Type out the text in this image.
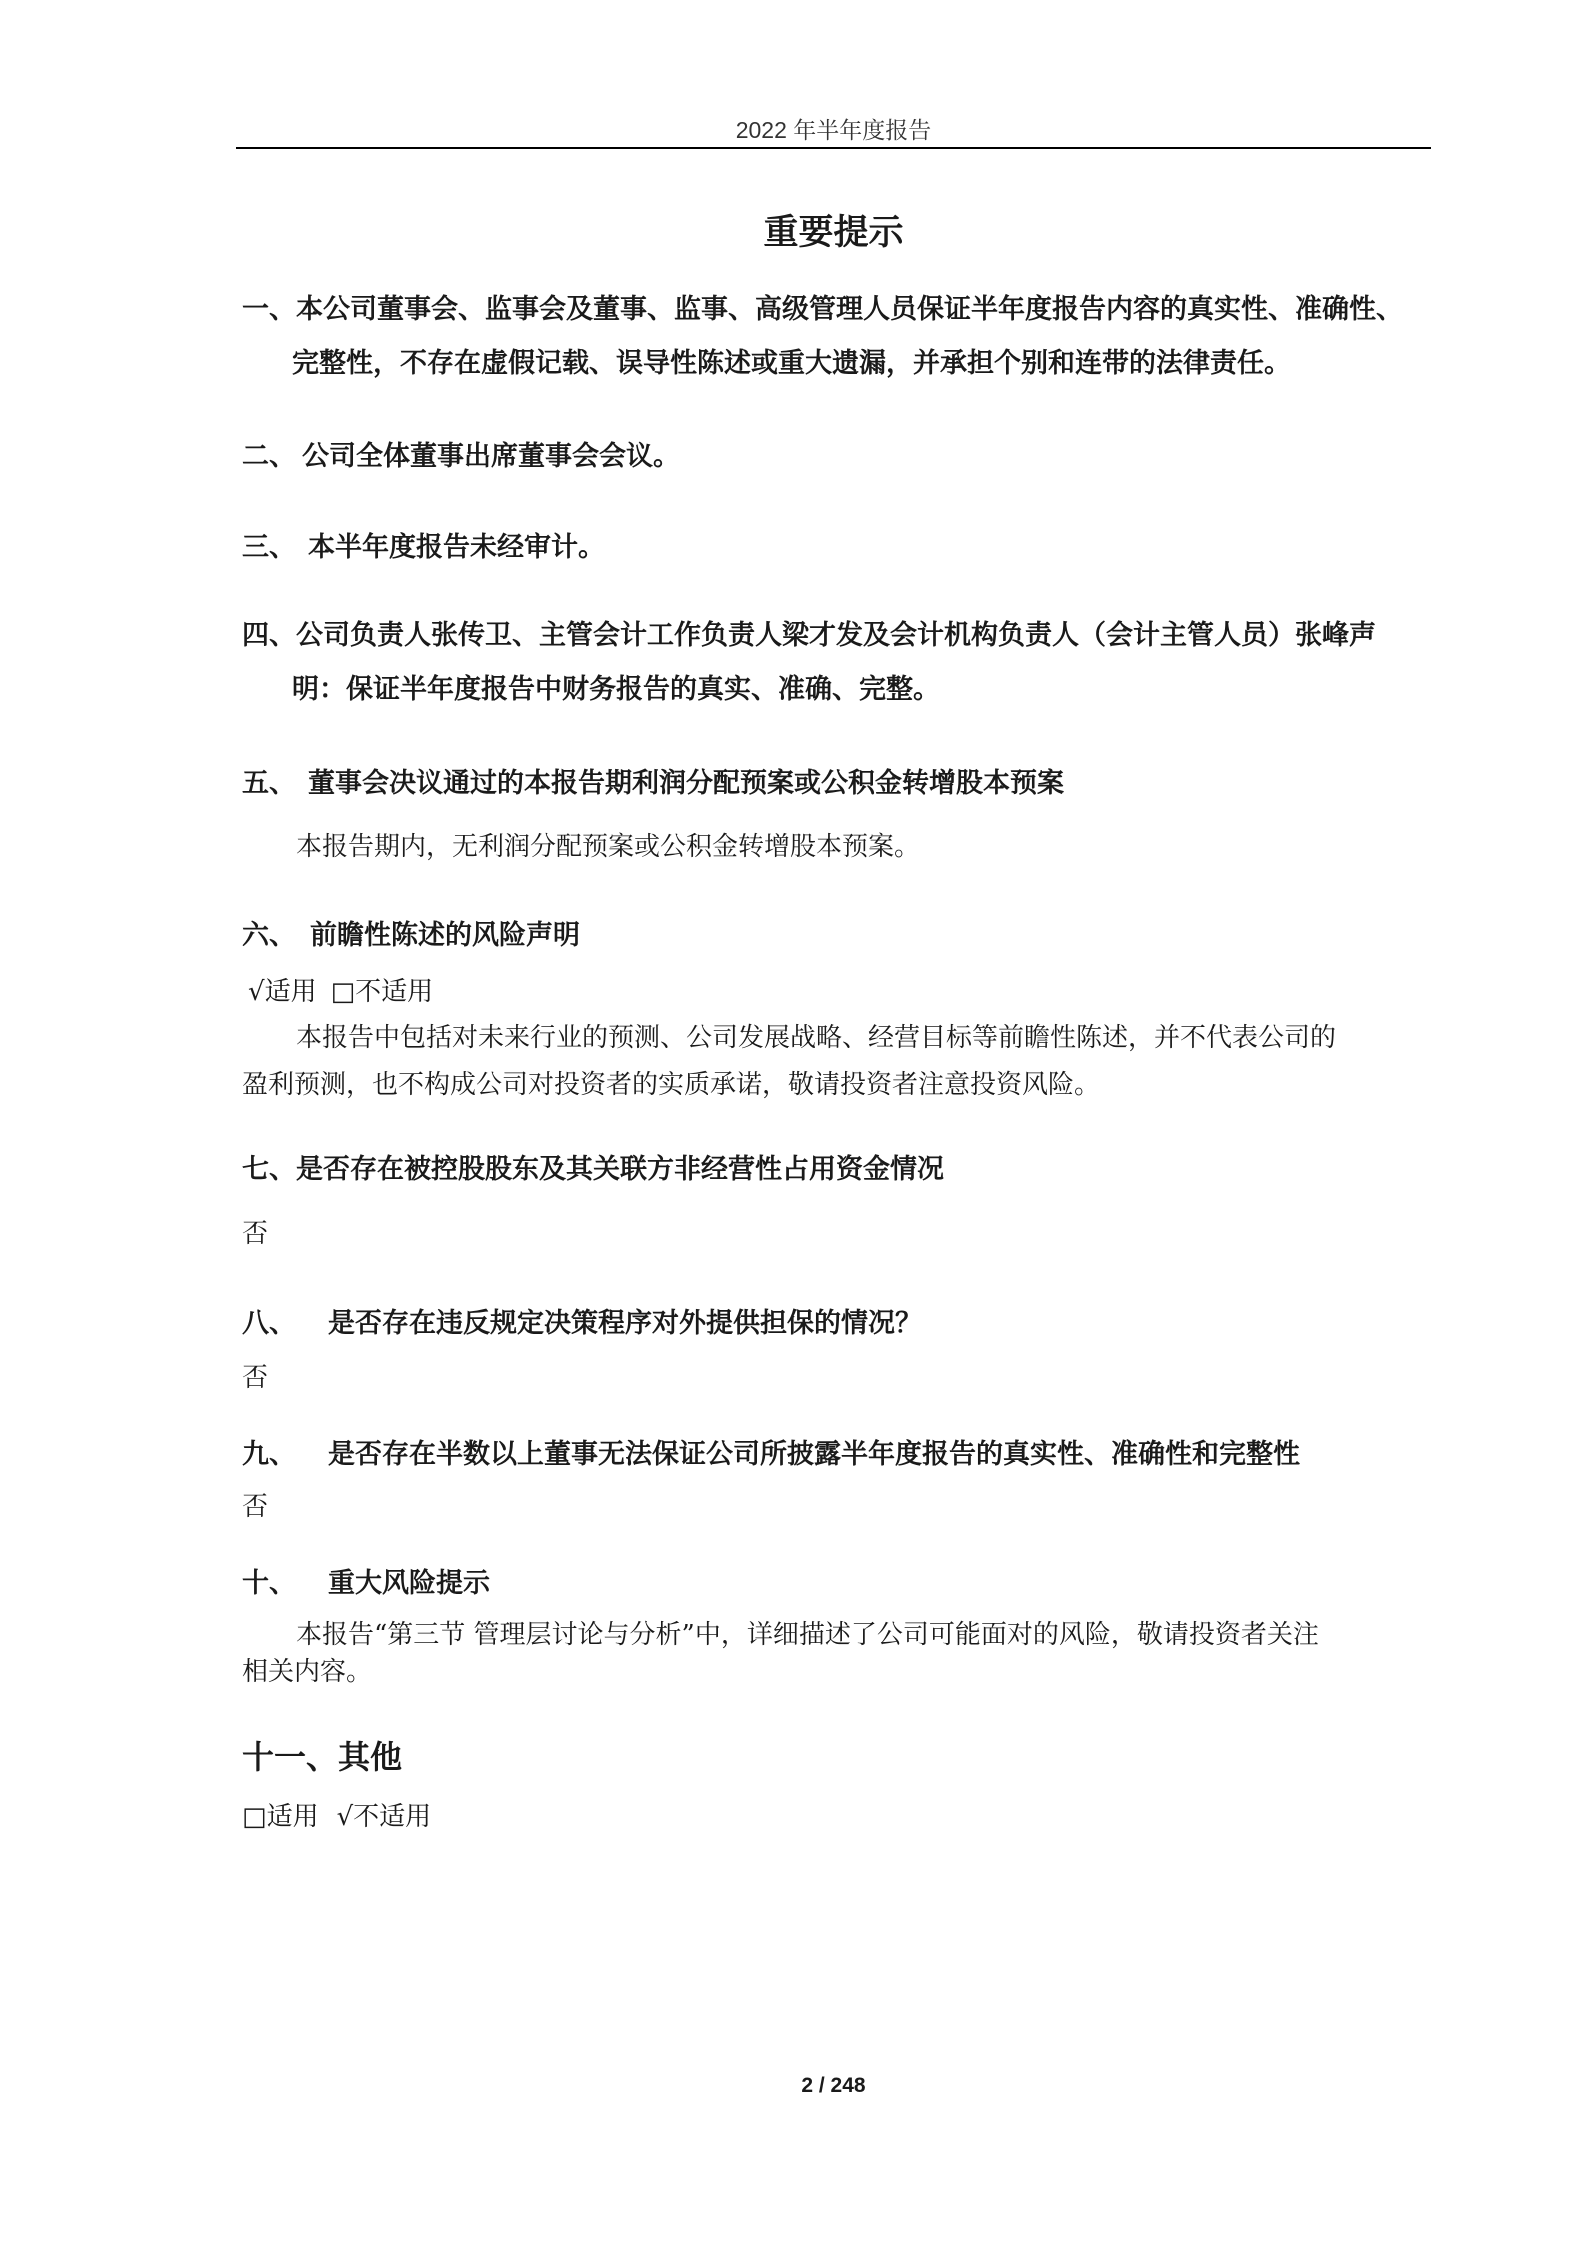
2022 年半年度报告
重要提示
一、本公司董事会、监事会及董事、监事、高级管理人员保证半年度报告内容的真实性、准确性、
完整性，不存在虚假记载、误导性陈述或重大遗漏，并承担个别和连带的法律责任。
二、 公司全体董事出席董事会会议。
三、 本半年度报告未经审计。
四、公司负责人张传卫、主管会计工作负责人梁才发及会计机构负责人（会计主管人员）张峰声
明：保证半年度报告中财务报告的真实、准确、完整。
五、 董事会决议通过的本报告期利润分配预案或公积金转增股本预案
本报告期内，无利润分配预案或公积金转增股本预案。
六、 前瞻性陈述的风险声明
√适用 □不适用
本报告中包括对未来行业的预测、公司发展战略、经营目标等前瞻性陈述，并不代表公司的
盈利预测，也不构成公司对投资者的实质承诺，敬请投资者注意投资风险。
七、是否存在被控股股东及其关联方非经营性占用资金情况
否
八、 是否存在违反规定决策程序对外提供担保的情况？
否
九、 是否存在半数以上董事无法保证公司所披露半年度报告的真实性、准确性和完整性
否
十、 重大风险提示
本报告“第三节 管理层讨论与分析”中，详细描述了公司可能面对的风险，敬请投资者关注
相关内容。
十一、其他
□适用 √不适用
2 / 248
